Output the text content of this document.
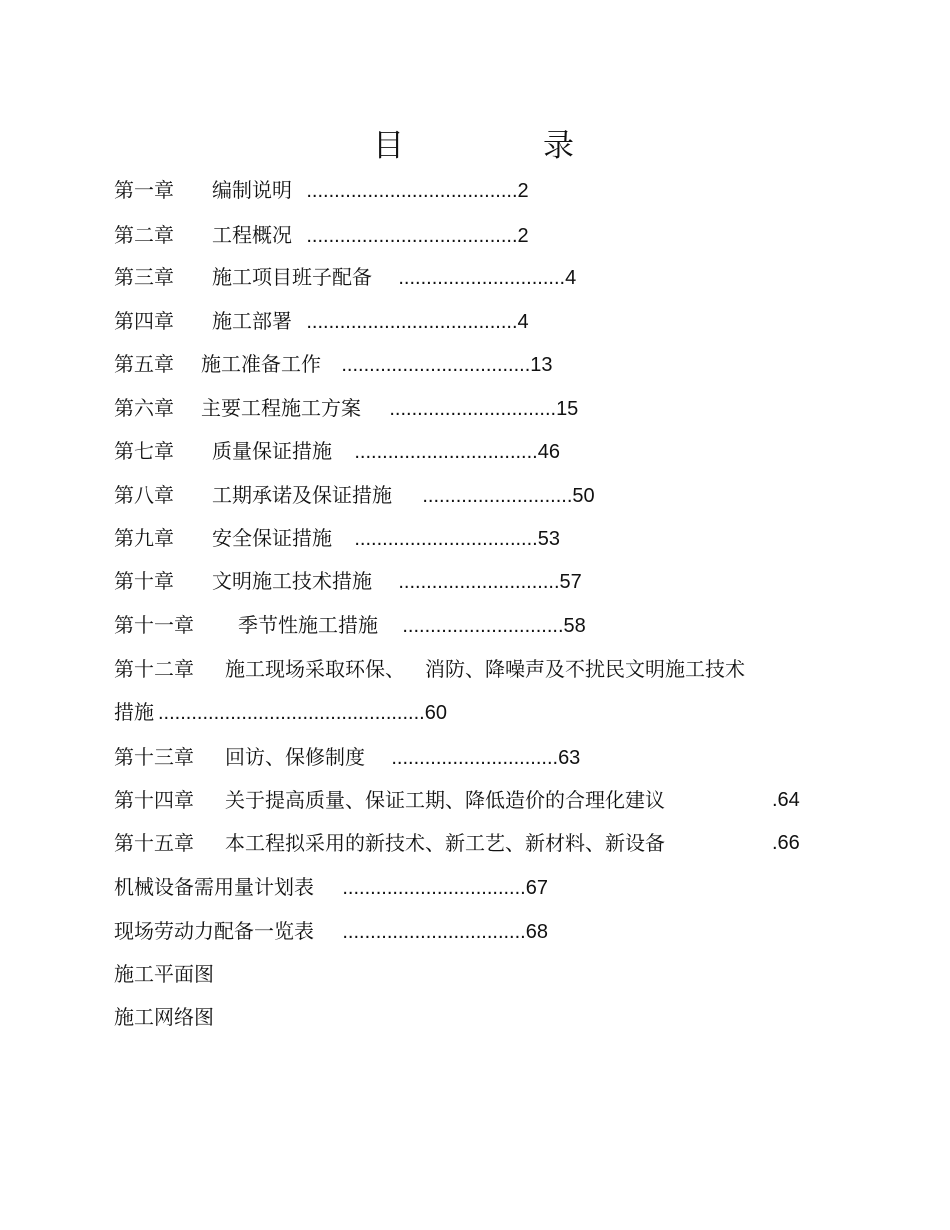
目	录
第一章 编制说明 ......................................2
第二章 工程概况 ......................................2
第三章 施工项目班子配备 ..............................4
第四章 施工部署 ......................................4
第五章 施工准备工作 ..................................13
第六章 主要工程施工方案 ..............................15
第七章 质量保证措施 .................................46
第八章 工期承诺及保证措施 ...........................50
第九章 安全保证措施 .................................53
第十章 文明施工技术措施 .............................57
第十一章 季节性施工措施 .............................58
第十二章 施工现场采取环保、 消防、降噪声及不扰民文明施工技术
措施 ................................................60
第十三章 回访、保修制度 ..............................63
第十四章 关于提高质量、保证工期、降低造价的合理化建议	.64
第十五章 本工程拟采用的新技术、新工艺、新材料、新设备	.66
机械设备需用量计划表 .................................67
现场劳动力配备一览表 .................................68
施工平面图
施工网络图
